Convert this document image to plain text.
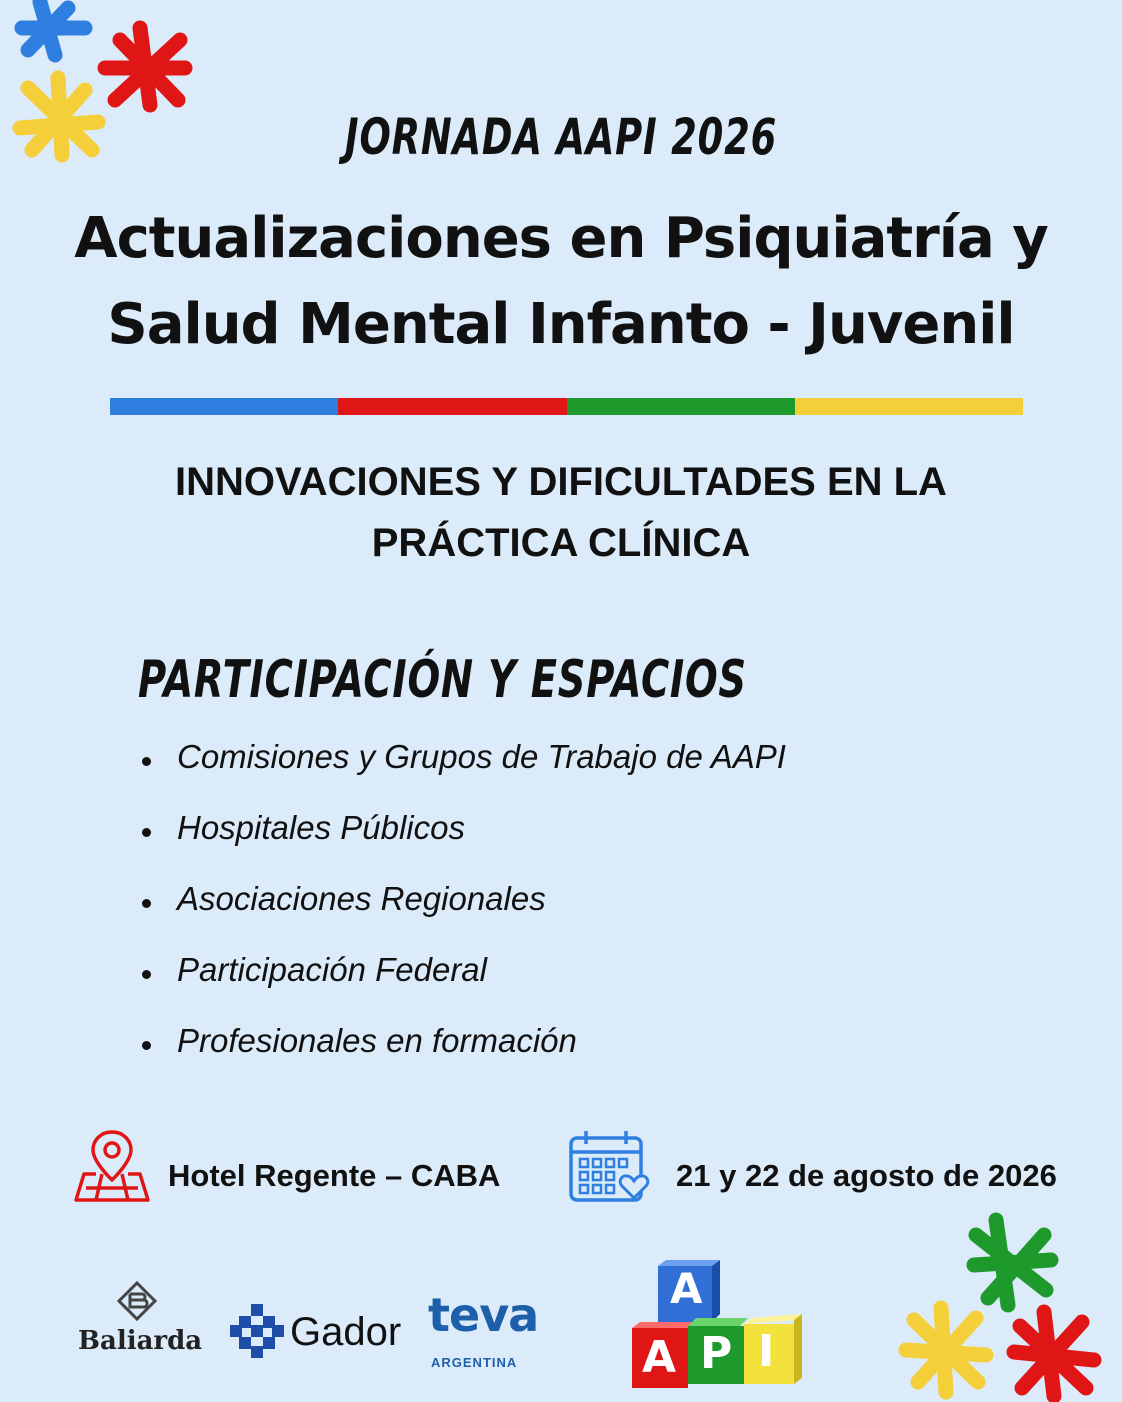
JORNADA AAPI 2026
Actualizaciones en Psiquiatría y
Salud Mental Infanto - Juvenil
INNOVACIONES Y DIFICULTADES EN LA
PRÁCTICA CLÍNICA
PARTICIPACIÓN Y ESPACIOS
Comisiones y Grupos de Trabajo de AAPI
Hospitales Públicos
Asociaciones Regionales
Participación Federal
Profesionales en formación
Hotel Regente – CABA	21 y 22 de agosto de 2026
Baliarda Gador teva
ARGENTINA
A
A P I
